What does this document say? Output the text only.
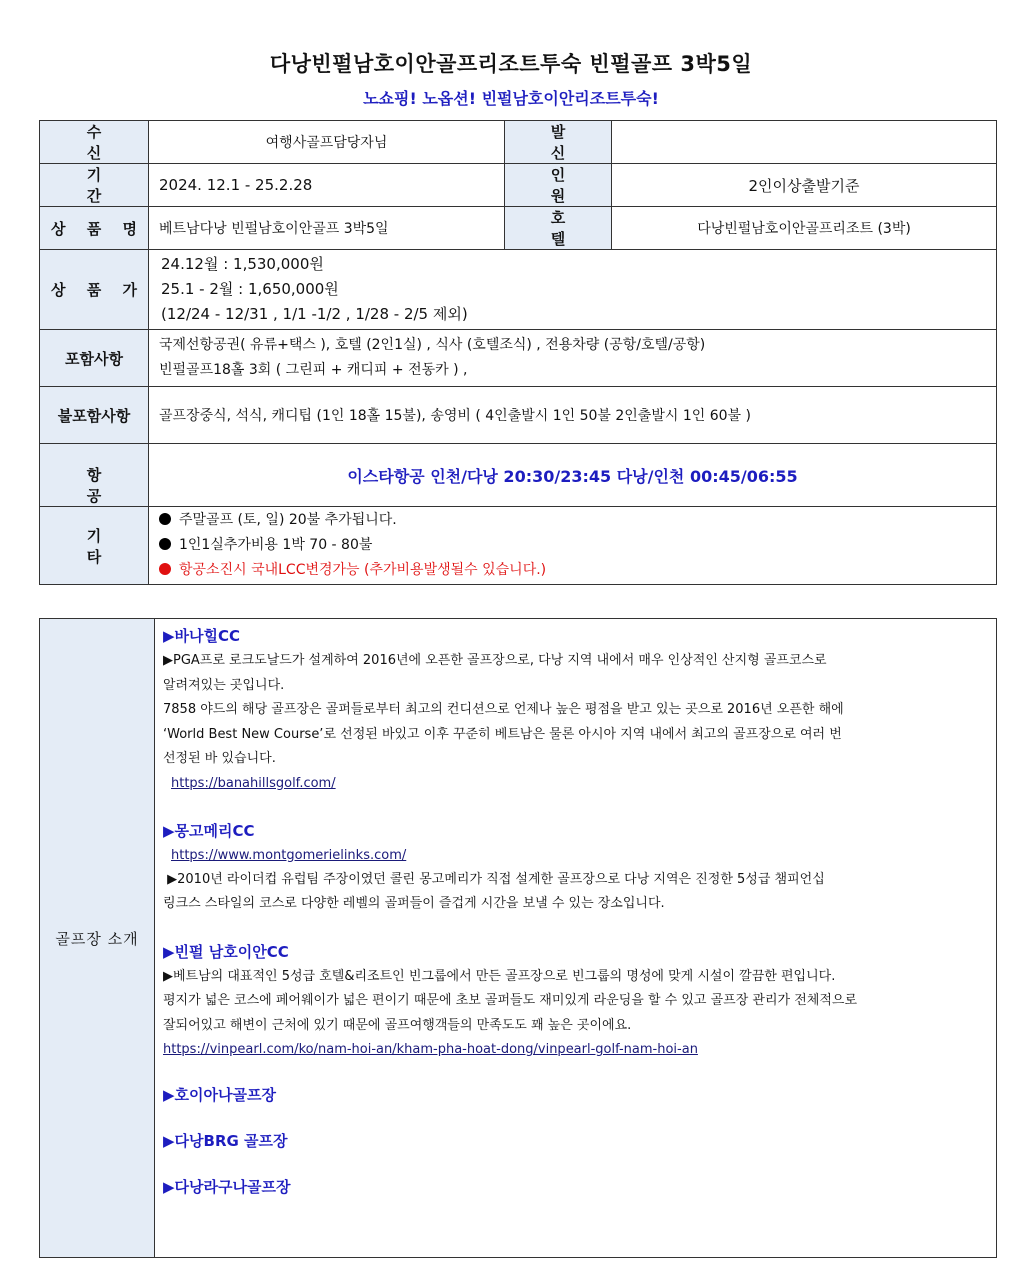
다낭빈펄남호이안골프리조트투숙 빈펄골프 3박5일
노쇼핑! 노옵션! 빈펄남호이안리조트투숙!
수 신	여행사골프담당자님	발 신	
기 간	2024. 12.1 - 25.2.28	인 원	2인이상출발기준
상 품 명	베트남다낭 빈펄남호이안골프 3박5일	호 텔	다낭빈펄남호이안골프리조트 (3박)
상 품 가	24.12월 : 1,530,000원
25.1 - 2월 : 1,650,000원
(12/24 - 12/31 , 1/1 -1/2 , 1/28 - 2/5 제외)		

포함사항	국제선항공권( 유류+택스 ), 호텔 (2인1실) , 식사 (호텔조식) , 전용차량 (공항/호텔/공항)
빈펄골프18홀 3회 ( 그린피 + 캐디피 + 전동카 ) ,		

불포함사항	골프장중식, 석식, 캐디팁 (1인 18홀 15불), 송영비 ( 4인출발시 1인 50불 2인출발시 1인 60불 )		
항 공	이스타항공 인천/다낭 20:30/23:45 다낭/인천 00:45/06:55		
기 타	주말골프 (토, 일) 20불 추가됩니다.
1인1실추가비용 1박 70 - 80불
항공소진시 국내LCC변경가능 (추가비용발생될수 있습니다.)		
골프장 소개	
▶바나힐CC
▶PGA프로 로크도날드가 설계하여 2016년에 오픈한 골프장으로, 다낭 지역 내에서 매우 인상적인 산지형 골프코스로
알려져있는 곳입니다.
7858 야드의 해당 골프장은 골퍼들로부터 최고의 컨디션으로 언제나 높은 평점을 받고 있는 곳으로 2016년 오픈한 해에
‘World Best New Course’로 선정된 바있고 이후 꾸준히 베트남은 물론 아시아 지역 내에서 최고의 골프장으로 여러 번
선정된 바 있습니다.
https://banahillsgolf.com/
▶몽고메리CC
https://www.montgomerielinks.com/
▶2010년 라이더컵 유럽팀 주장이였던 콜린 몽고메리가 직접 설계한 골프장으로 다낭 지역은 진정한 5성급 챔피언십
링크스 스타일의 코스로 다양한 레벨의 골퍼들이 즐겁게 시간을 보낼 수 있는 장소입니다.
▶빈펄 남호이안CC
▶베트남의 대표적인 5성급 호텔&리조트인 빈그룹에서 만든 골프장으로 빈그룹의 명성에 맞게 시설이 깔끔한 편입니다.
평지가 넓은 코스에 페어웨이가 넓은 편이기 때문에 초보 골퍼들도 재미있게 라운딩을 할 수 있고 골프장 관리가 전체적으로
잘되어있고 해변이 근처에 있기 때문에 골프여행객들의 만족도도 꽤 높은 곳이에요.
https://vinpearl.com/ko/nam-hoi-an/kham-pha-hoat-dong/vinpearl-golf-nam-hoi-an
▶호이아나골프장
▶다낭BRG 골프장
▶다낭라구나골프장
